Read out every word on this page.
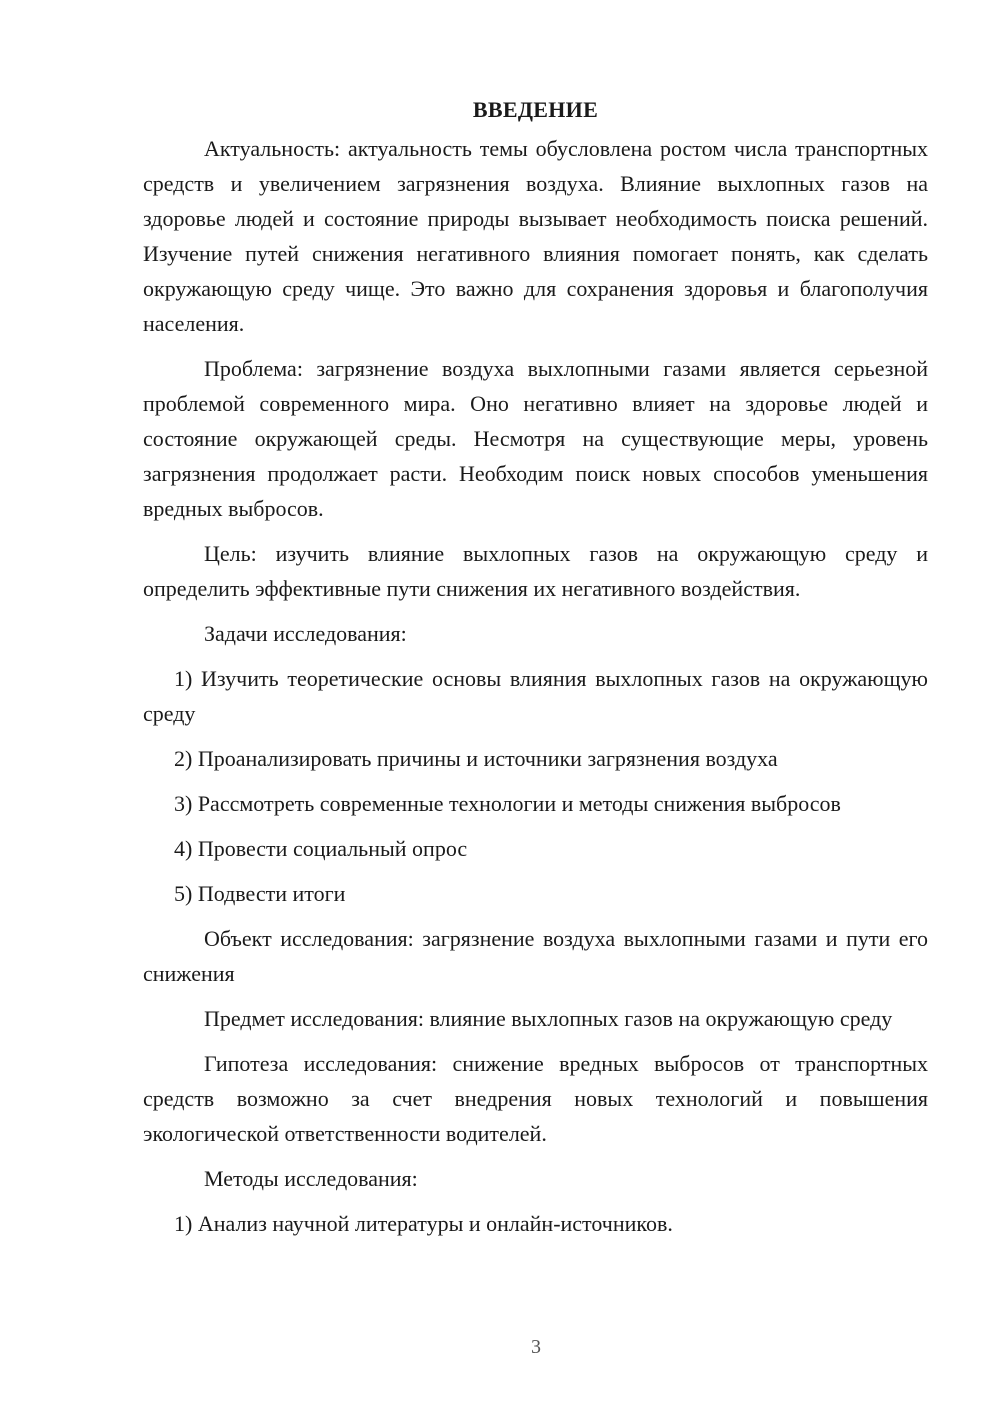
ВВЕДЕНИЕ

Актуальность: актуальность темы обусловлена ростом числа транспортных средств и увеличением загрязнения воздуха. Влияние выхлопных газов на здоровье людей и состояние природы вызывает необходимость поиска решений. Изучение путей снижения негативного влияния помогает понять, как сделать окружающую среду чище. Это важно для сохранения здоровья и благополучия населения.

Проблема: загрязнение воздуха выхлопными газами является серьезной проблемой современного мира. Оно негативно влияет на здоровье людей и состояние окружающей среды. Несмотря на существующие меры, уровень загрязнения продолжает расти. Необходим поиск новых способов уменьшения вредных выбросов.

Цель: изучить влияние выхлопных газов на окружающую среду и определить эффективные пути снижения их негативного воздействия.

Задачи исследования:

1) Изучить теоретические основы влияния выхлопных газов на окружающую среду

2) Проанализировать причины и источники загрязнения воздуха

3) Рассмотреть современные технологии и методы снижения выбросов

4) Провести социальный опрос

5) Подвести итоги

Объект исследования: загрязнение воздуха выхлопными газами и пути его снижения

Предмет исследования: влияние выхлопных газов на окружающую среду

Гипотеза исследования: снижение вредных выбросов от транспортных средств возможно за счет внедрения новых технологий и повышения экологической ответственности водителей.

Методы исследования:

1) Анализ научной литературы и онлайн-источников.

3
